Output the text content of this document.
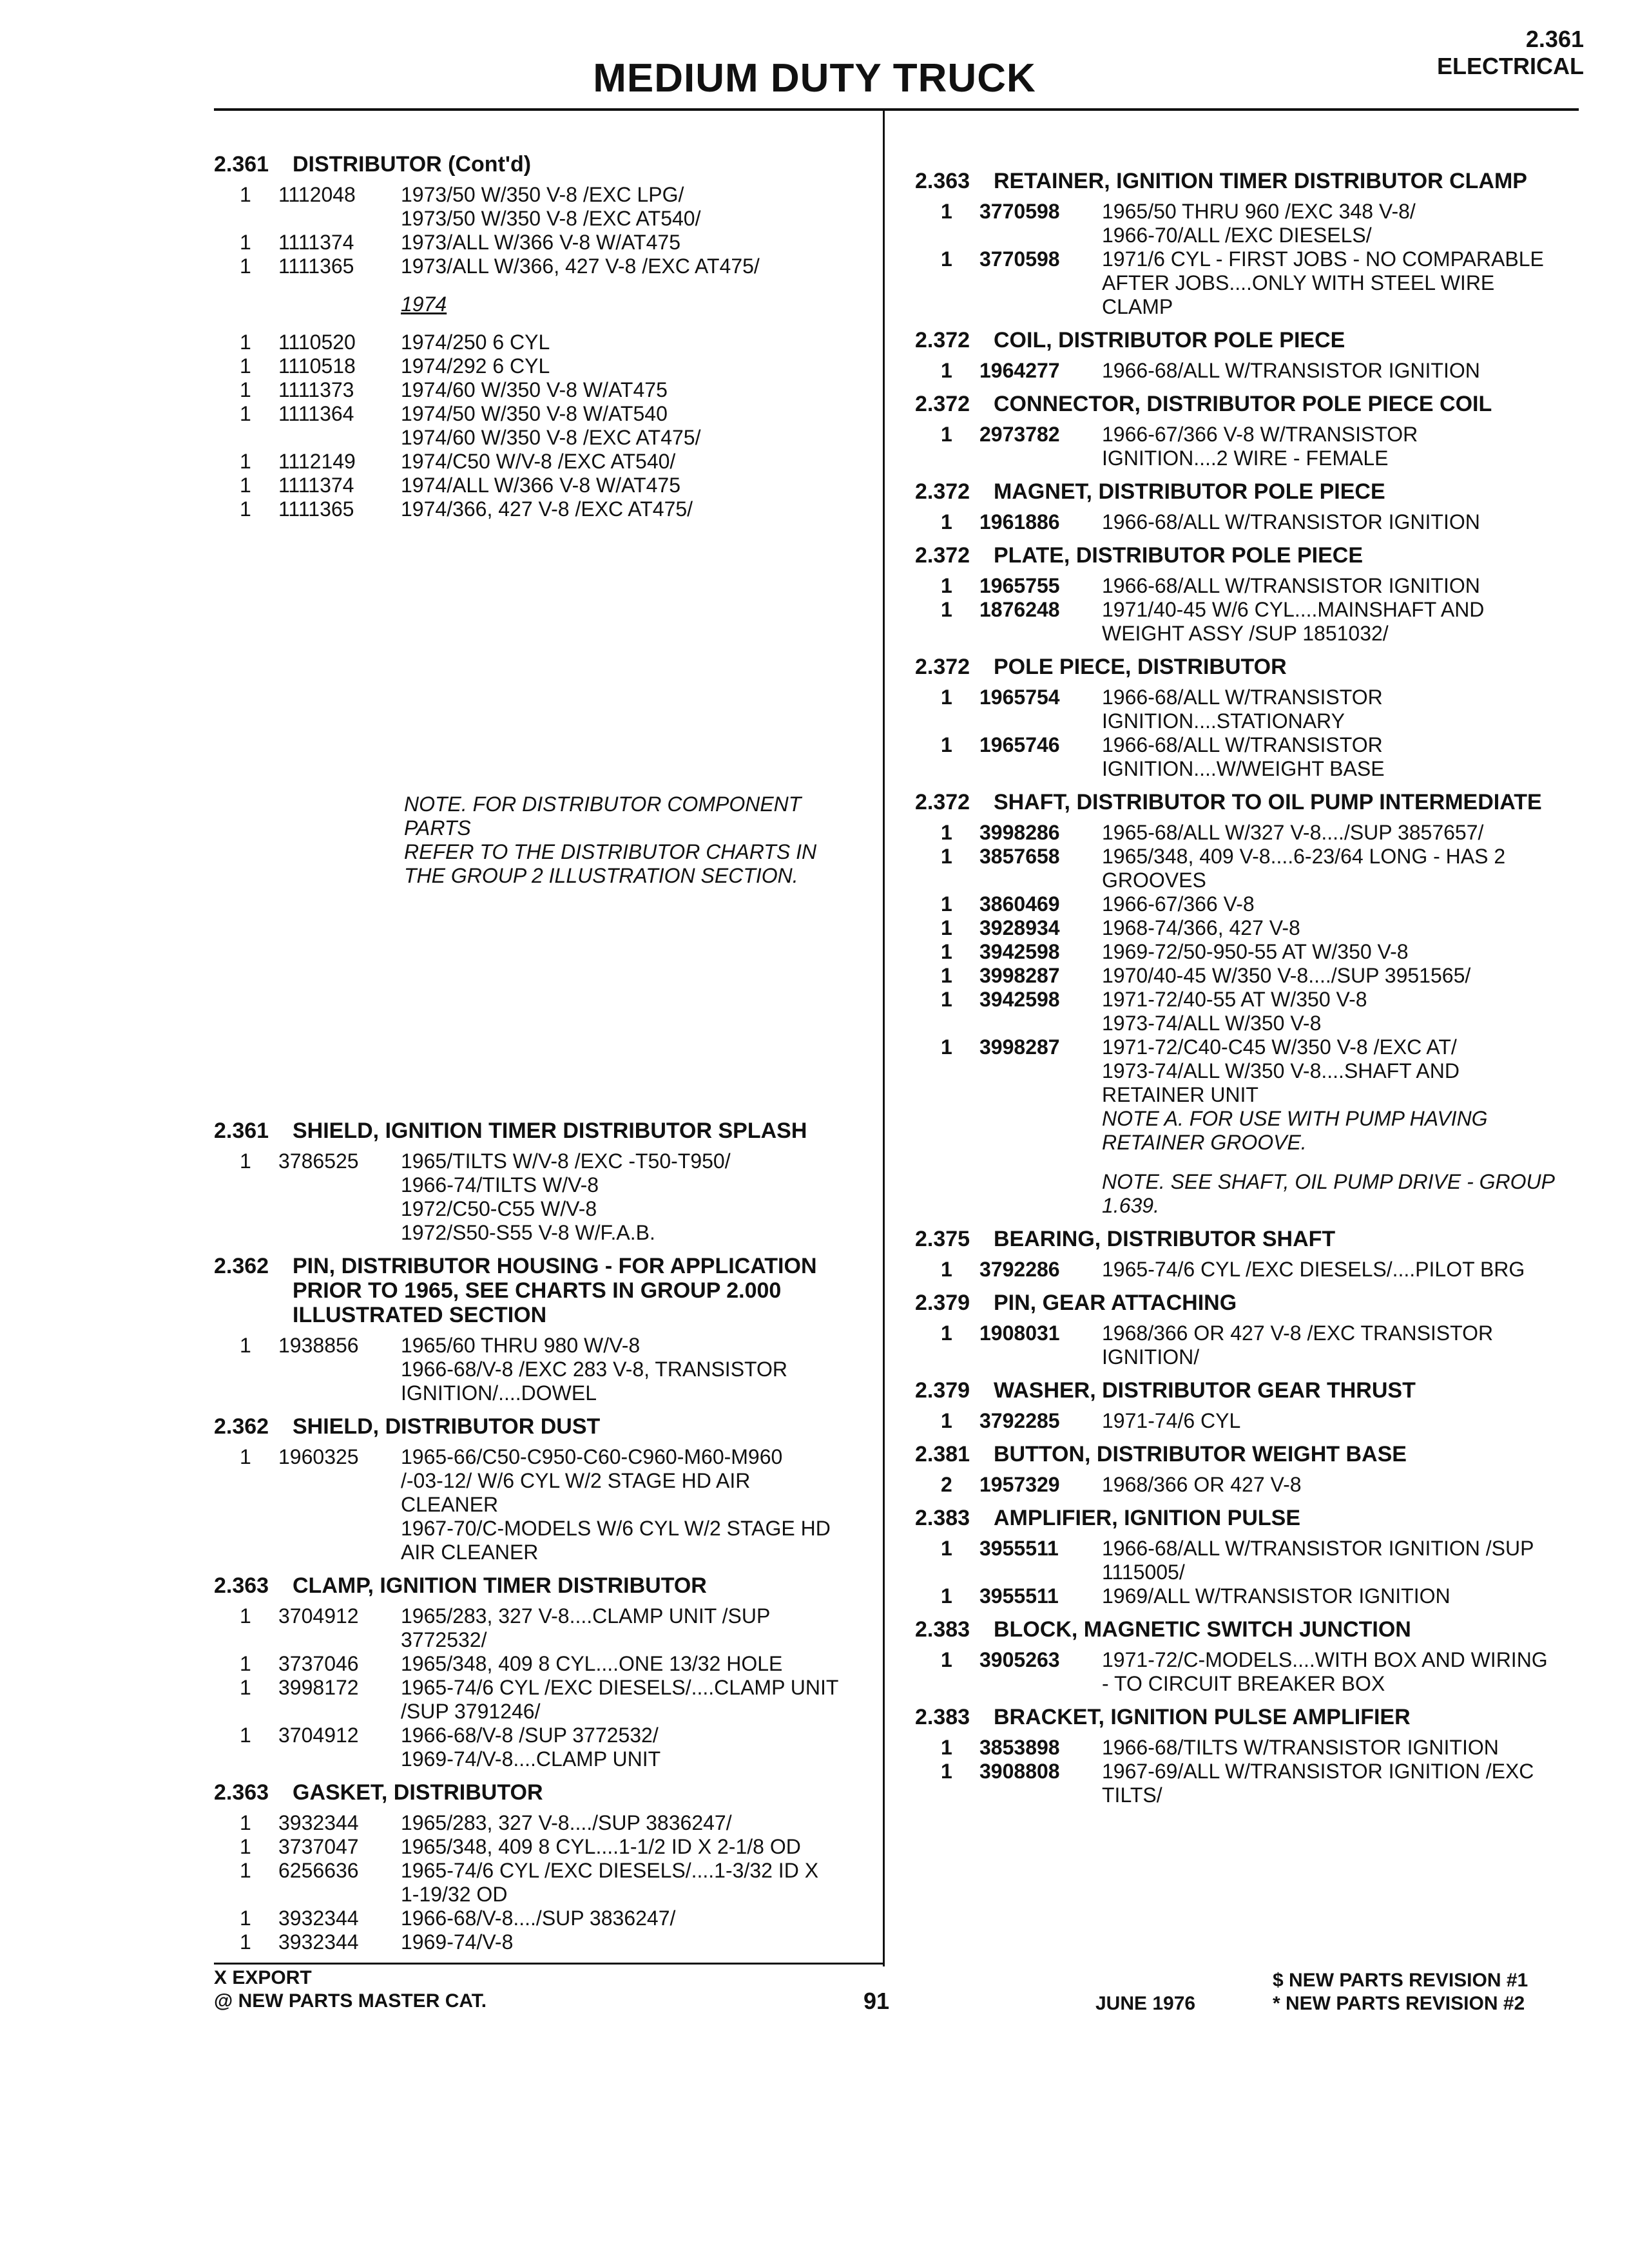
2.361
ELECTRICAL
MEDIUM DUTY TRUCK
2.361	DISTRIBUTOR (Cont'd)
1	1112048	1973/50 W/350 V-8 /EXC LPG/
1973/50 W/350 V-8 /EXC AT540/
1	1111374	1973/ALL W/366 V-8 W/AT475
1	1111365	1973/ALL W/366, 427 V-8 /EXC AT475/
1974
1	1110520	1974/250 6 CYL
1	1110518	1974/292 6 CYL
1	1111373	1974/60 W/350 V-8 W/AT475
1	1111364	1974/50 W/350 V-8 W/AT540
1974/60 W/350 V-8 /EXC AT475/
1	1112149	1974/C50 W/V-8 /EXC AT540/
1	1111374	1974/ALL W/366 V-8 W/AT475
1	1111365	1974/366, 427 V-8 /EXC AT475/
NOTE. FOR DISTRIBUTOR COMPONENT PARTS
REFER TO THE DISTRIBUTOR CHARTS IN
THE GROUP 2 ILLUSTRATION SECTION.
2.361	SHIELD, IGNITION TIMER DISTRIBUTOR SPLASH
1	3786525	1965/TILTS W/V-8 /EXC -T50-T950/
1966-74/TILTS W/V-8
1972/C50-C55 W/V-8
1972/S50-S55 V-8 W/F.A.B.
2.362	PIN, DISTRIBUTOR HOUSING - FOR APPLICATION PRIOR TO 1965, SEE CHARTS IN GROUP 2.000 ILLUSTRATED SECTION
1	1938856	1965/60 THRU 980 W/V-8
1966-68/V-8 /EXC 283 V-8, TRANSISTOR
IGNITION/....DOWEL
2.362	SHIELD, DISTRIBUTOR DUST
1	1960325	1965-66/C50-C950-C60-C960-M60-M960
/-03-12/ W/6 CYL W/2 STAGE HD AIR
CLEANER
1967-70/C-MODELS W/6 CYL W/2 STAGE HD
AIR CLEANER
2.363	CLAMP, IGNITION TIMER DISTRIBUTOR
1	3704912	1965/283, 327 V-8....CLAMP UNIT /SUP
3772532/
1	3737046	1965/348, 409 8 CYL....ONE 13/32 HOLE
1	3998172	1965-74/6 CYL /EXC DIESELS/....CLAMP UNIT
/SUP 3791246/
1	3704912	1966-68/V-8 /SUP 3772532/
1969-74/V-8....CLAMP UNIT
2.363	GASKET, DISTRIBUTOR
1	3932344	1965/283, 327 V-8..../SUP 3836247/
1	3737047	1965/348, 409 8 CYL....1-1/2 ID X 2-1/8 OD
1	6256636	1965-74/6 CYL /EXC DIESELS/....1-3/32 ID X
1-19/32 OD
1	3932344	1966-68/V-8..../SUP 3836247/
1	3932344	1969-74/V-8
2.363	RETAINER, IGNITION TIMER DISTRIBUTOR CLAMP
1	3770598	1965/50 THRU 960 /EXC 348 V-8/
1966-70/ALL /EXC DIESELS/
1	3770598	1971/6 CYL - FIRST JOBS - NO COMPARABLE
AFTER JOBS....ONLY WITH STEEL WIRE
CLAMP
2.372	COIL, DISTRIBUTOR POLE PIECE
1	1964277	1966-68/ALL W/TRANSISTOR IGNITION
2.372	CONNECTOR, DISTRIBUTOR POLE PIECE COIL
1	2973782	1966-67/366 V-8 W/TRANSISTOR
IGNITION....2 WIRE - FEMALE
2.372	MAGNET, DISTRIBUTOR POLE PIECE
1	1961886	1966-68/ALL W/TRANSISTOR IGNITION
2.372	PLATE, DISTRIBUTOR POLE PIECE
1	1965755	1966-68/ALL W/TRANSISTOR IGNITION
1	1876248	1971/40-45 W/6 CYL....MAINSHAFT AND
WEIGHT ASSY /SUP 1851032/
2.372	POLE PIECE, DISTRIBUTOR
1	1965754	1966-68/ALL W/TRANSISTOR
IGNITION....STATIONARY
1	1965746	1966-68/ALL W/TRANSISTOR
IGNITION....W/WEIGHT BASE
2.372	SHAFT, DISTRIBUTOR TO OIL PUMP INTERMEDIATE
1	3998286	1965-68/ALL W/327 V-8..../SUP 3857657/
1	3857658	1965/348, 409 V-8....6-23/64 LONG - HAS 2
GROOVES
1	3860469	1966-67/366 V-8
1	3928934	1968-74/366, 427 V-8
1	3942598	1969-72/50-950-55 AT W/350 V-8
1	3998287	1970/40-45 W/350 V-8..../SUP 3951565/
1	3942598	1971-72/40-55 AT W/350 V-8
1973-74/ALL W/350 V-8
1	3998287	1971-72/C40-C45 W/350 V-8 /EXC AT/
1973-74/ALL W/350 V-8....SHAFT AND
RETAINER UNIT
NOTE A. FOR USE WITH PUMP HAVING
RETAINER GROOVE.
NOTE. SEE SHAFT, OIL PUMP DRIVE - GROUP
1.639.
2.375	BEARING, DISTRIBUTOR SHAFT
1	3792286	1965-74/6 CYL /EXC DIESELS/....PILOT BRG
2.379	PIN, GEAR ATTACHING
1	1908031	1968/366 OR 427 V-8 /EXC TRANSISTOR
IGNITION/
2.379	WASHER, DISTRIBUTOR GEAR THRUST
1	3792285	1971-74/6 CYL
2.381	BUTTON, DISTRIBUTOR WEIGHT BASE
2	1957329	1968/366 OR 427 V-8
2.383	AMPLIFIER, IGNITION PULSE
1	3955511	1966-68/ALL W/TRANSISTOR IGNITION /SUP
1115005/
1	3955511	1969/ALL W/TRANSISTOR IGNITION
2.383	BLOCK, MAGNETIC SWITCH JUNCTION
1	3905263	1971-72/C-MODELS....WITH BOX AND WIRING
- TO CIRCUIT BREAKER BOX
2.383	BRACKET, IGNITION PULSE AMPLIFIER
1	3853898	1966-68/TILTS W/TRANSISTOR IGNITION
1	3908808	1967-69/ALL W/TRANSISTOR IGNITION /EXC
TILTS/
X EXPORT
@ NEW PARTS MASTER CAT.	91	JUNE 1976
$ NEW PARTS REVISION #1
* NEW PARTS REVISION #2
